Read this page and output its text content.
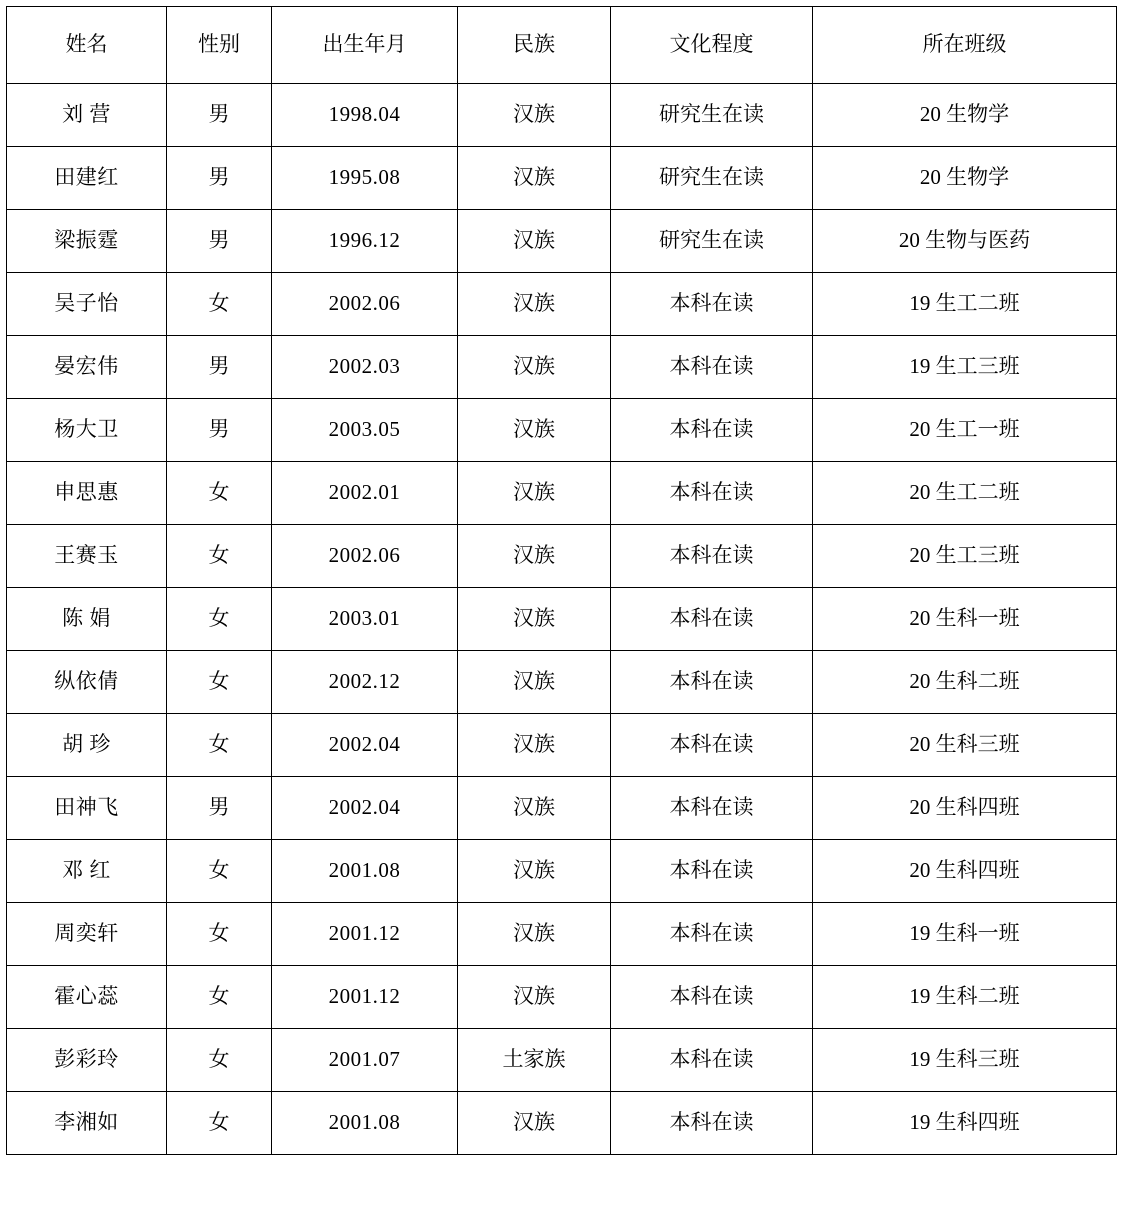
姓名	性别	出生年月	民族	文化程度	所在班级
刘 营	男	1998.04	汉族	研究生在读	20 生物学
田建红	男	1995.08	汉族	研究生在读	20 生物学
梁振霆	男	1996.12	汉族	研究生在读	20 生物与医药
吴子怡	女	2002.06	汉族	本科在读	19 生工二班
晏宏伟	男	2002.03	汉族	本科在读	19 生工三班
杨大卫	男	2003.05	汉族	本科在读	20 生工一班
申思惠	女	2002.01	汉族	本科在读	20 生工二班
王赛玉	女	2002.06	汉族	本科在读	20 生工三班
陈 娟	女	2003.01	汉族	本科在读	20 生科一班
纵依倩	女	2002.12	汉族	本科在读	20 生科二班
胡 珍	女	2002.04	汉族	本科在读	20 生科三班
田神飞	男	2002.04	汉族	本科在读	20 生科四班
邓 红	女	2001.08	汉族	本科在读	20 生科四班
周奕轩	女	2001.12	汉族	本科在读	19 生科一班
霍心蕊	女	2001.12	汉族	本科在读	19 生科二班
彭彩玲	女	2001.07	土家族	本科在读	19 生科三班
李湘如	女	2001.08	汉族	本科在读	19 生科四班
